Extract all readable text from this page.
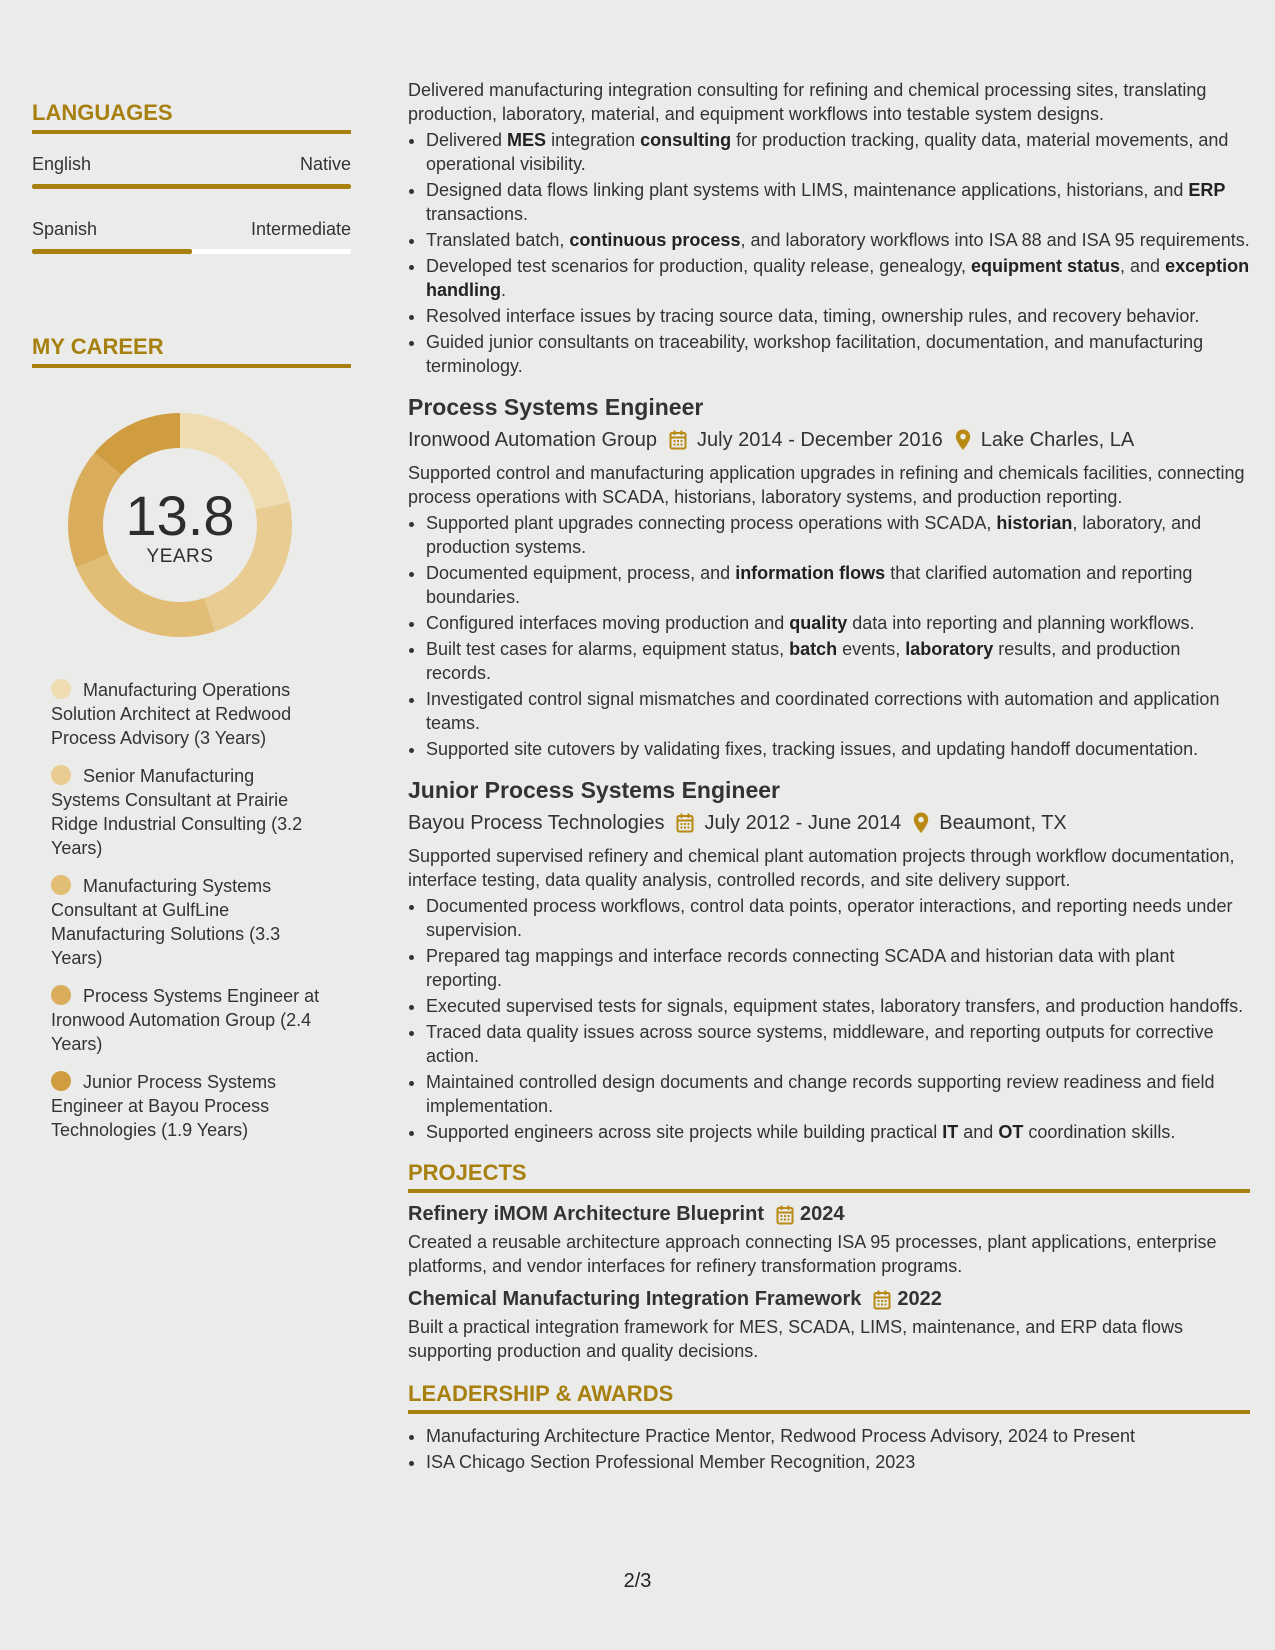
LANGUAGES
English	Native
Spanish	Intermediate
MY CAREER
13.8
YEARS
Manufacturing Operations Solution Architect at Redwood Process Advisory (3 Years)
Senior Manufacturing Systems Consultant at Prairie Ridge Industrial Consulting (3.2 Years)
Manufacturing Systems Consultant at GulfLine Manufacturing Solutions (3.3 Years)
Process Systems Engineer at Ironwood Automation Group (2.4 Years)
Junior Process Systems Engineer at Bayou Process Technologies (1.9 Years)

Delivered manufacturing integration consulting for refining and chemical processing sites, translating production, laboratory, material, and equipment workflows into testable system designs.

• Delivered MES integration consulting for production tracking, quality data, material movements, and operational visibility.
• Designed data flows linking plant systems with LIMS, maintenance applications, historians, and ERP transactions.
• Translated batch, continuous process, and laboratory workflows into ISA 88 and ISA 95 requirements.
• Developed test scenarios for production, quality release, genealogy, equipment status, and exception handling.
• Resolved interface issues by tracing source data, timing, ownership rules, and recovery behavior.
• Guided junior consultants on traceability, workshop facilitation, documentation, and manufacturing terminology.
Process Systems Engineer
Ironwood Automation Group July 2014 - December 2016 Lake Charles, LA

Supported control and manufacturing application upgrades in refining and chemicals facilities, connecting process operations with SCADA, historians, laboratory systems, and production reporting.

• Supported plant upgrades connecting process operations with SCADA, historian, laboratory, and production systems.
• Documented equipment, process, and information flows that clarified automation and reporting boundaries.
• Configured interfaces moving production and quality data into reporting and planning workflows.
• Built test cases for alarms, equipment status, batch events, laboratory results, and production records.
• Investigated control signal mismatches and coordinated corrections with automation and application teams.
• Supported site cutovers by validating fixes, tracking issues, and updating handoff documentation.
Junior Process Systems Engineer
Bayou Process Technologies July 2012 - June 2014 Beaumont, TX

Supported supervised refinery and chemical plant automation projects through workflow documentation, interface testing, data quality analysis, controlled records, and site delivery support.

• Documented process workflows, control data points, operator interactions, and reporting needs under supervision.
• Prepared tag mappings and interface records connecting SCADA and historian data with plant reporting.
• Executed supervised tests for signals, equipment states, laboratory transfers, and production handoffs.
• Traced data quality issues across source systems, middleware, and reporting outputs for corrective action.
• Maintained controlled design documents and change records supporting review readiness and field implementation.
• Supported engineers across site projects while building practical IT and OT coordination skills.
PROJECTS
Refinery iMOM Architecture Blueprint 2024

Created a reusable architecture approach connecting ISA 95 processes, plant applications, enterprise platforms, and vendor interfaces for refinery transformation programs.

Chemical Manufacturing Integration Framework 2022

Built a practical integration framework for MES, SCADA, LIMS, maintenance, and ERP data flows supporting production and quality decisions.

LEADERSHIP & AWARDS
• Manufacturing Architecture Practice Mentor, Redwood Process Advisory, 2024 to Present
• ISA Chicago Section Professional Member Recognition, 2023
2/3
